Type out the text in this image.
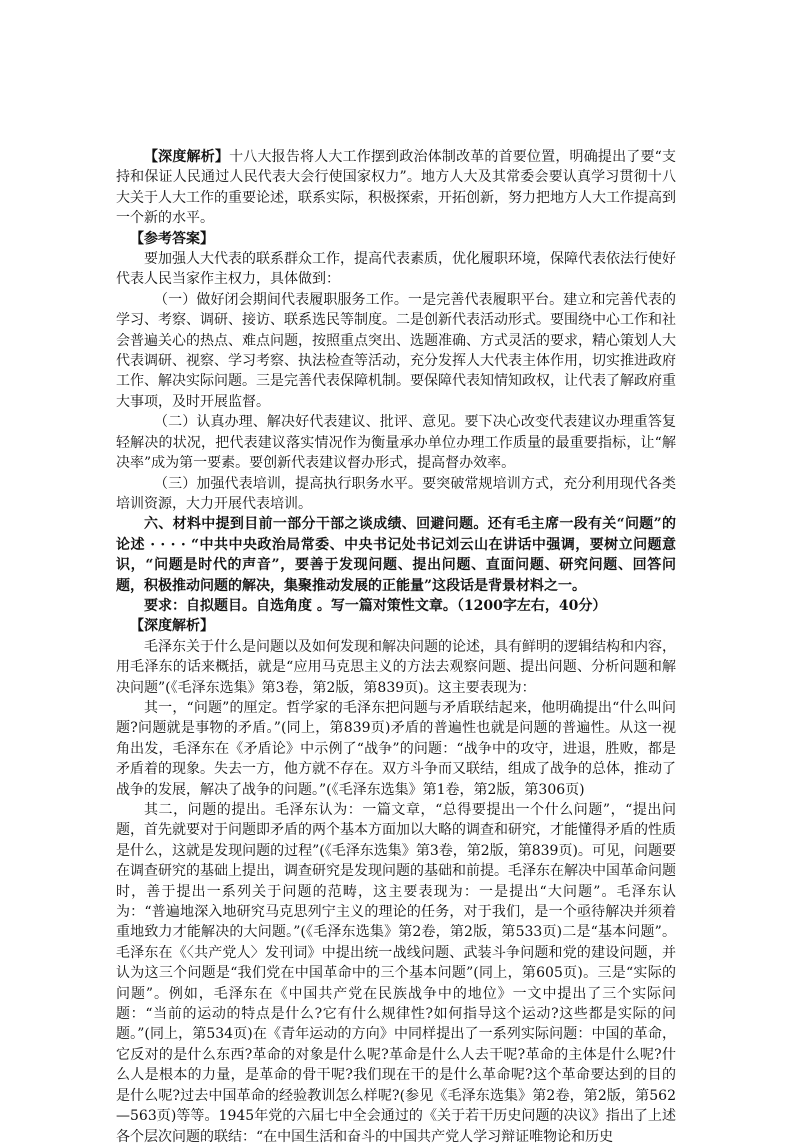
【深度解析】十八大报告将人大工作摆到政治体制改革的首要位置，明确提出了要“支持和保证人民通过人民代表大会行使国家权力”。地方人大及其常委会要认真学习贯彻十八大关于人大工作的重要论述，联系实际，积极探索，开拓创新，努力把地方人大工作提高到一个新的水平。

【参考答案】

要加强人大代表的联系群众工作，提高代表素质，优化履职环境，保障代表依法行使好代表人民当家作主权力，具体做到：

（一）做好闭会期间代表履职服务工作。一是完善代表履职平台。建立和完善代表的学习、考察、调研、接访、联系选民等制度。二是创新代表活动形式。要围绕中心工作和社会普遍关心的热点、难点问题，按照重点突出、选题准确、方式灵活的要求，精心策划人大代表调研、视察、学习考察、执法检查等活动，充分发挥人大代表主体作用，切实推进政府工作、解决实际问题。三是完善代表保障机制。要保障代表知情知政权，让代表了解政府重大事项，及时开展监督。

（二）认真办理、解决好代表建议、批评、意见。要下决心改变代表建议办理重答复轻解决的状况，把代表建议落实情况作为衡量承办单位办理工作质量的最重要指标，让“解决率”成为第一要素。要创新代表建议督办形式，提高督办效率。

（三）加强代表培训，提高执行职务水平。要突破常规培训方式，充分利用现代各类培训资源，大力开展代表培训。

六、材料中提到目前一部分干部之谈成绩、回避问题。还有毛主席一段有关“问题”的论述 · · · · “中共中央政治局常委、中央书记处书记刘云山在讲话中强调，要树立问题意识，“问题是时代的声音”，要善于发现问题、提出问题、直面问题、研究问题、回答问题，积极推动问题的解决，集聚推动发展的正能量”这段话是背景材料之一。

要求：自拟题目。自选角度 。写一篇对策性文章。（1200字左右，40分）

【深度解析】

毛泽东关于什么是问题以及如何发现和解决问题的论述，具有鲜明的逻辑结构和内容，用毛泽东的话来概括，就是“应用马克思主义的方法去观察问题、提出问题、分析问题和解决问题”(《毛泽东选集》第3卷，第2版，第839页)。这主要表现为：

其一，“问题”的厘定。哲学家的毛泽东把问题与矛盾联结起来，他明确提出“什么叫问题?问题就是事物的矛盾。”(同上，第839页)矛盾的普遍性也就是问题的普遍性。从这一视角出发，毛泽东在《矛盾论》中示例了“战争”的问题：“战争中的攻守，进退，胜败，都是矛盾着的现象。失去一方，他方就不存在。双方斗争而又联结，组成了战争的总体，推动了战争的发展，解决了战争的问题。”(《毛泽东选集》第1卷，第2版，第306页)

其二，问题的提出。毛泽东认为：一篇文章，“总得要提出一个什么问题”，“提出问题，首先就要对于问题即矛盾的两个基本方面加以大略的调查和研究，才能懂得矛盾的性质是什么，这就是发现问题的过程”(《毛泽东选集》第3卷，第2版，第839页)。可见，问题要在调查研究的基础上提出，调查研究是发现问题的基础和前提。毛泽东在解决中国革命问题时，善于提出一系列关于问题的范畴，这主要表现为：一是提出“大问题”。毛泽东认为：“普遍地深入地研究马克思列宁主义的理论的任务，对于我们，是一个亟待解决并须着重地致力才能解决的大问题。”(《毛泽东选集》第2卷，第2版，第533页)二是“基本问题”。毛泽东在《〈共产党人〉发刊词》中提出统一战线问题、武装斗争问题和党的建设问题，并认为这三个问题是“我们党在中国革命中的三个基本问题”(同上，第605页)。三是“实际的问题”。例如，毛泽东在《中国共产党在民族战争中的地位》一文中提出了三个实际问题：“当前的运动的特点是什么?它有什么规律性?如何指导这个运动?这些都是实际的问题。”(同上，第534页)在《青年运动的方向》中同样提出了一系列实际问题：中国的革命，它反对的是什么东西?革命的对象是什么呢?革命是什么人去干呢?革命的主体是什么呢?什么人是根本的力量，是革命的骨干呢?我们现在干的是什么革命呢?这个革命要达到的目的是什么呢?过去中国革命的经验教训怎么样呢?(参见《毛泽东选集》第2卷，第2版，第562—563页)等等。1945年党的六届七中全会通过的《关于若干历史问题的决议》指出了上述各个层次问题的联结：“在中国生活和奋斗的中国共产党人学习辩证唯物论和历史
